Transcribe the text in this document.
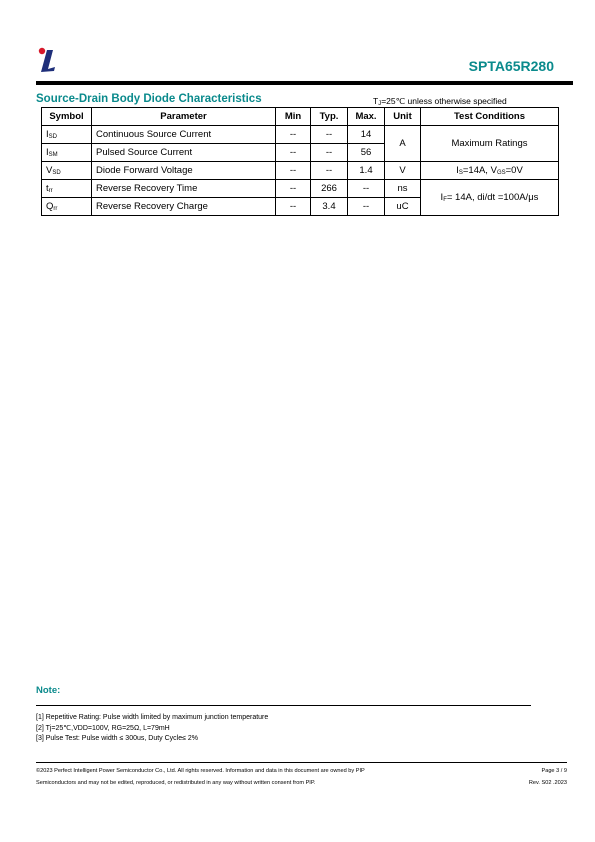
SPTA65R280
Source-Drain Body Diode Characteristics	$T_J=25℃$ unless otherwise specified
Symbol	Parameter	Min	Typ.	Max.	Unit	Test Conditions
$I_{SD}$	Continuous Source Current	--	--	14	A	Maximum Ratings
$I_{SM}$	Pulsed Source Current	--	--	56		
$V_{SD}$	Diode Forward Voltage	--	--	1.4	V	$I_S=14A$, $V_{GS}=0V$
$t_{rr}$	Reverse Recovery Time	--	266	--	ns	$I_F= 14A$, di/dt =100A/μs
$Q_{rr}$	Reverse Recovery Charge	--	3.4	--	uC	
Note:
[1] Repetitive Rating: Pulse width limited by maximum junction temperature
[2] Tj=25℃,VDD=100V, RG=25Ω, L=79mH
[3] Pulse Test: Pulse width ≤ 300us, Duty Cycle≤ 2%
©2023 Perfect Intelligent Power Semiconductor Co., Ltd. All rights reserved. Information and data in this document are owned by PIP
Semiconductors and may not be edited, reproduced, or redistributed in any way without written consent from PIP.
Page 3 / 9
Rev. S02 .2023
